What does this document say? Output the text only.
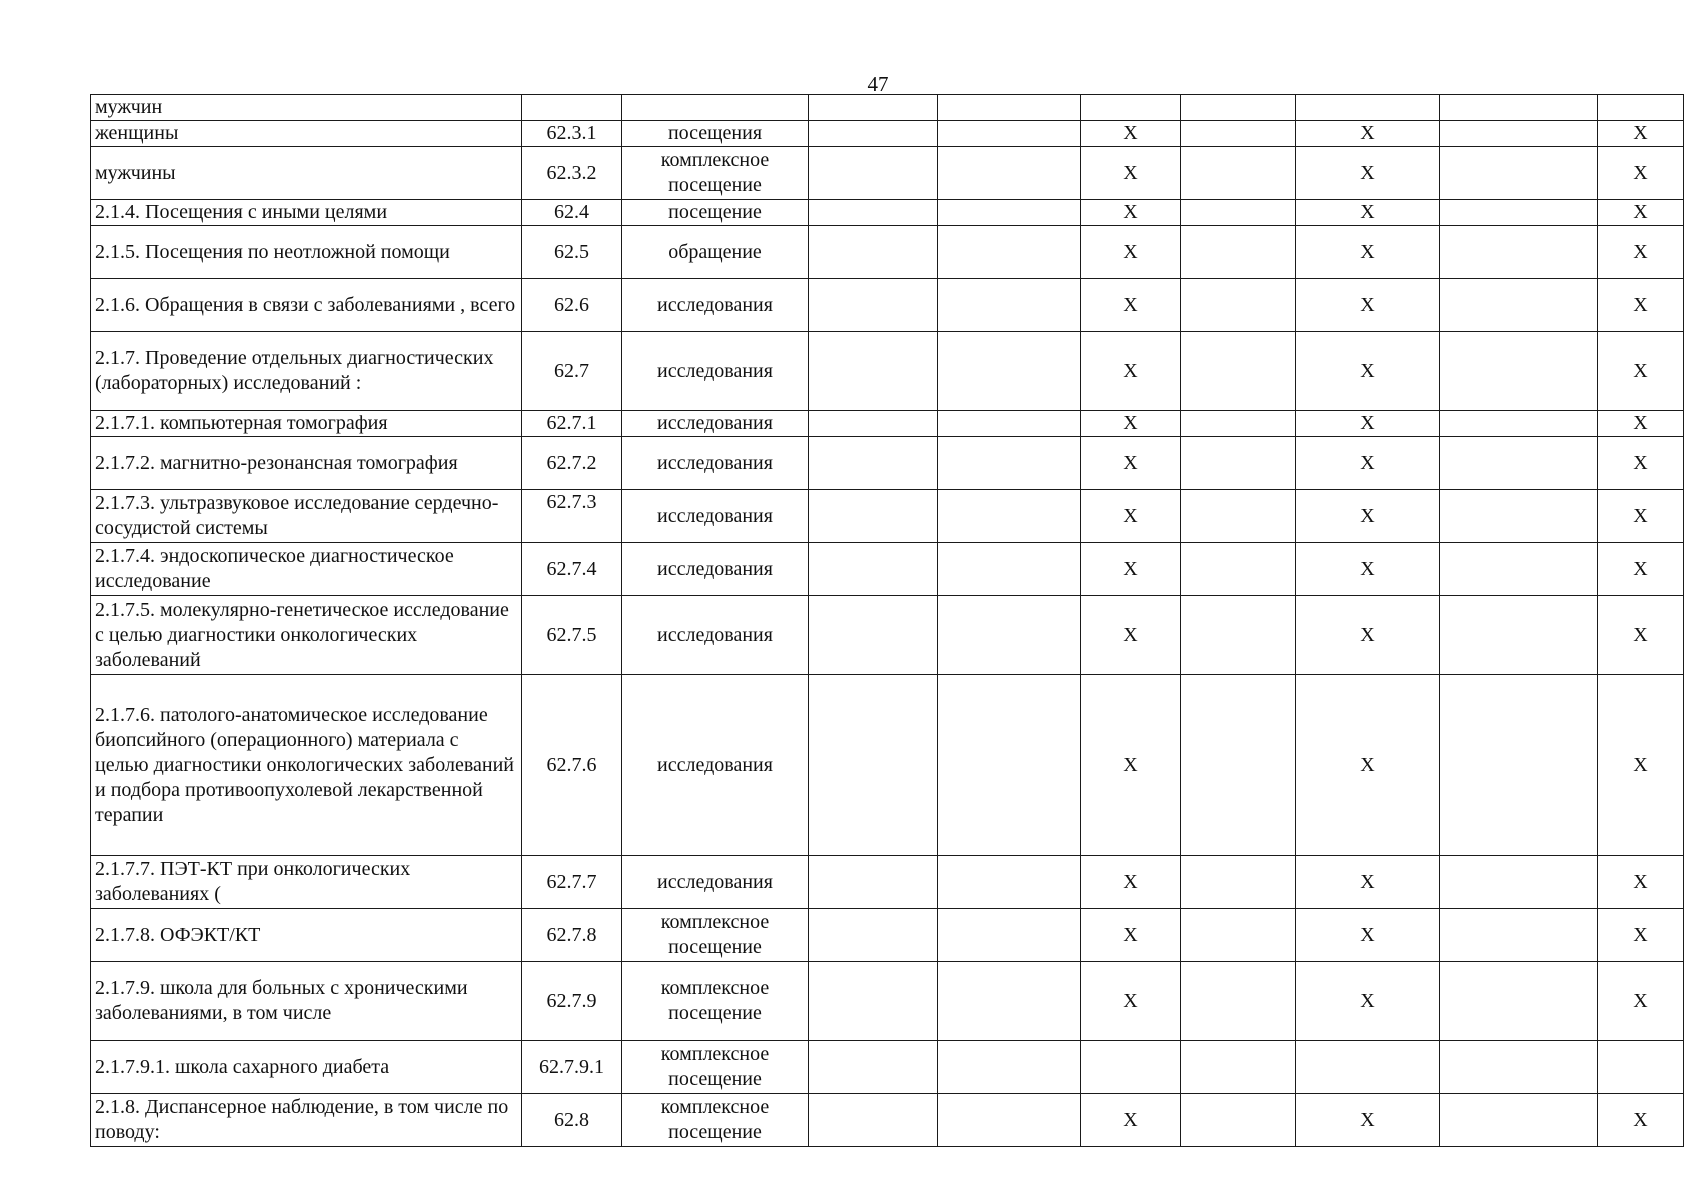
47
мужчин									
женщины	62.3.1	посещения			X		X		X
мужчины	62.3.2	комплексное посещение			X		X		X
2.1.4. Посещения с иными целями	62.4	посещение			X		X		X
2.1.5. Посещения по неотложной помощи	62.5	обращение			X		X		X
2.1.6. Обращения в связи с заболеваниями , всего	62.6	исследования			X		X		X
2.1.7. Проведение отдельных диагностических (лабораторных) исследований :	62.7	исследования			X		X		X
2.1.7.1. компьютерная томография	62.7.1	исследования			X		X		X
2.1.7.2. магнитно-резонансная томография	62.7.2	исследования			X		X		X
2.1.7.3. ультразвуковое исследование сердечно-сосудистой системы	62.7.3	исследования			X		X		X
2.1.7.4. эндоскопическое диагностическое исследование	62.7.4	исследования			X		X		X
2.1.7.5. молекулярно-генетическое исследование с целью диагностики онкологических заболеваний	62.7.5	исследования			X		X		X
2.1.7.6. патолого-анатомическое исследование биопсийного (операционного) материала с целью диагностики онкологических заболеваний и подбора противоопухолевой лекарственной терапии	62.7.6	исследования			X		X		X
2.1.7.7. ПЭТ-КТ при онкологических заболеваниях (	62.7.7	исследования			X		X		X
2.1.7.8. ОФЭКТ/КТ	62.7.8	комплексное посещение			X		X		X
2.1.7.9. школа для больных с хроническими заболеваниями, в том числе	62.7.9	комплексное посещение			X		X		X
2.1.7.9.1. школа сахарного диабета	62.7.9.1	комплексное посещение							
2.1.8. Диспансерное наблюдение, в том числе по поводу:	62.8	комплексное посещение			X		X		X
